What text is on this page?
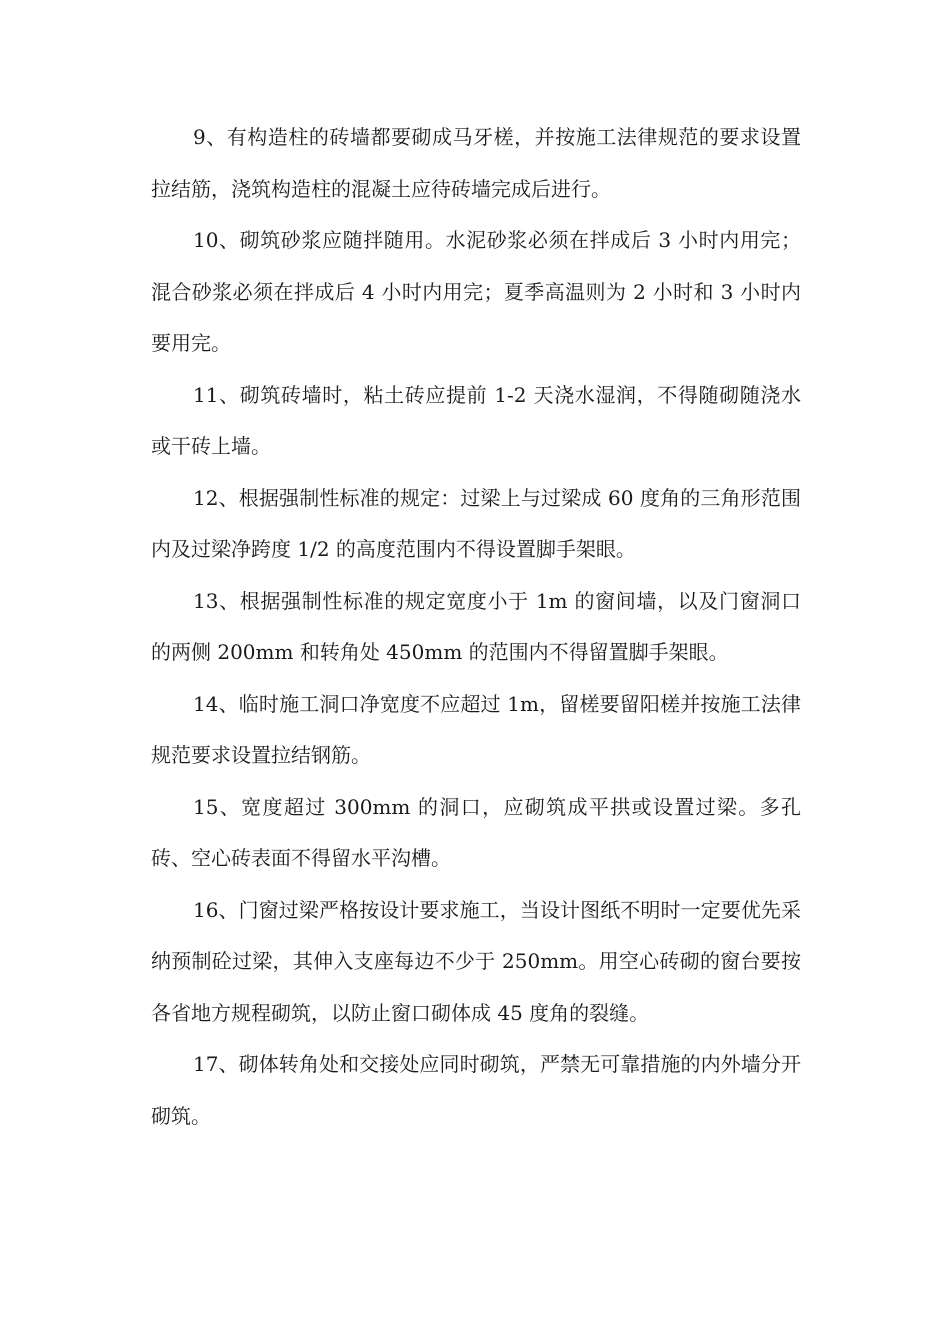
9、有构造柱的砖墙都要砌成马牙槎，并按施工法律规范的要求设置拉结筋，浇筑构造柱的混凝土应待砖墙完成后进行。

10、砌筑砂浆应随拌随用。水泥砂浆必须在拌成后 3 小时内用完；混合砂浆必须在拌成后 4 小时内用完；夏季高温则为 2 小时和 3 小时内要用完。

11、砌筑砖墙时，粘土砖应提前 1-2 天浇水湿润，不得随砌随浇水或干砖上墙。

12、根据强制性标准的规定：过梁上与过梁成 60 度角的三角形范围内及过梁净跨度 1/2 的高度范围内不得设置脚手架眼。

13、根据强制性标准的规定宽度小于 1m 的窗间墙，以及门窗洞口的两侧 200mm 和转角处 450mm 的范围内不得留置脚手架眼。

14、临时施工洞口净宽度不应超过 1m，留槎要留阳槎并按施工法律规范要求设置拉结钢筋。

15、宽度超过 300mm 的洞口，应砌筑成平拱或设置过梁。多孔砖、空心砖表面不得留水平沟槽。

16、门窗过梁严格按设计要求施工，当设计图纸不明时一定要优先采纳预制砼过梁，其伸入支座每边不少于 250mm。用空心砖砌的窗台要按各省地方规程砌筑，以防止窗口砌体成 45 度角的裂缝。

17、砌体转角处和交接处应同时砌筑，严禁无可靠措施的内外墙分开砌筑。
